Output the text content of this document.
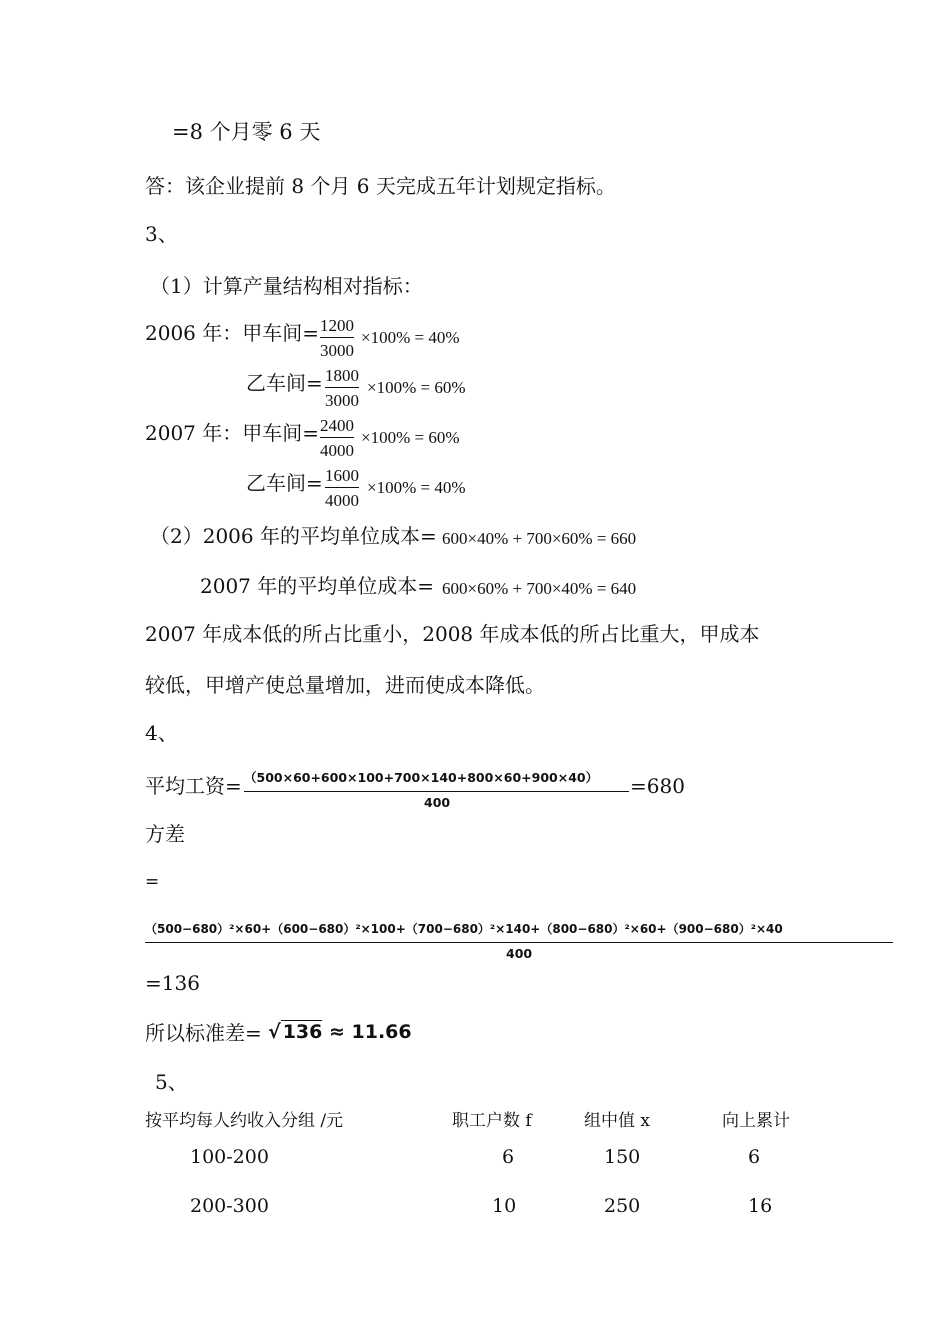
=8 个月零 6 天
答：该企业提前 8 个月 6 天完成五年计划规定指标。
3、
（1）计算产量结构相对指标：
2006 年：甲车间= 1200
3000
×100% = 40%
乙车间= 1800
3000
×100% = 60%
2007 年：甲车间= 2400
4000
×100% = 60%
乙车间= 1600
4000
×100% = 40%
（2）2006 年的平均单位成本= 600×40% + 700×60% = 660
2007 年的平均单位成本= 600×60% + 700×40% = 640
2007 年成本低的所占比重小，2008 年成本低的所占比重大，甲成本
较低，甲增产使总量增加，进而使成本降低。
4、
平均工资= （500×60+600×100+700×140+800×60+900×40）
400
=680
方差
=
（500−680）²×60+（600−680）²×100+（700−680）²×140+（800−680）²×60+（900−680）²×40
400
=136
所以标准差= √ 136 ≈ 11.66
5、
按平均每人约收入分组 /元	职工户数 f	组中值 x	向上累计
100-200	6	150	6
200-300	10	250	16
